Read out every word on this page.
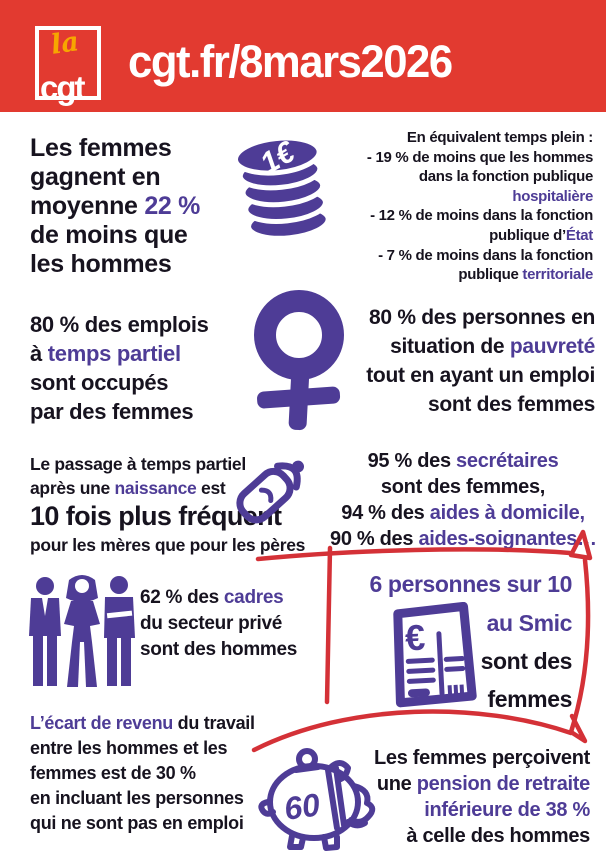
la
cgt
cgt.fr/8mars2026
Les femmes
gagnent en
moyenne 22 %
de moins que
les hommes
1€	En équivalent temps plein :
- 19 % de moins que les hommes
dans la fonction publique
hospitalière
- 12 % de moins dans la fonction
publique d’État
- 7 % de moins dans la fonction
publique territoriale
80 % des emplois
à temps partiel
sont occupés
par des femmes
80 % des personnes en
situation de pauvreté
tout en ayant un emploi
sont des femmes
Le passage à temps partiel
après une naissance est
10 fois plus fréquent
pour les mères que pour les pères
95 % des secrétaires
sont des femmes,
94 % des aides à domicile,
90 % des aides-soignantes…
62 % des cadres
du secteur privé
sont des hommes
6 personnes sur 10
au Smic
sont des
femmes
€
L’écart de revenu du travail
entre les hommes et les
femmes est de 30 %
en incluant les personnes
qui ne sont pas en emploi	60
Les femmes perçoivent
une pension de retraite
inférieure de 38 %
à celle des hommes
